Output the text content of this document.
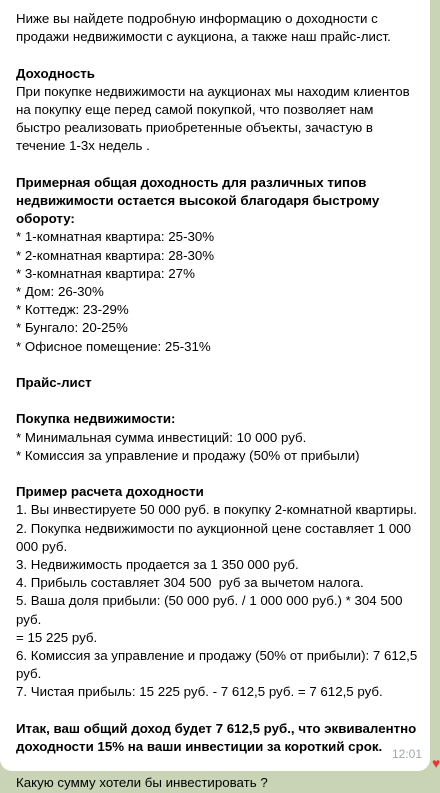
Ниже вы найдете подробную информацию о доходности с

продажи недвижимости с аукциона, а также наш прайс-лист.

Доходность

При покупке недвижимости на аукционах мы находим клиентов

на покупку еще перед самой покупкой, что позволяет нам

быстро реализовать приобретенные объекты, зачастую в

течение 1-3х недель .

Примерная общая доходность для различных типов

недвижимости остается высокой благодаря быстрому

обороту:

* 1-комнатная квартира: 25-30%

* 2-комнатная квартира: 28-30%

* 3-комнатная квартира: 27%

* Дом: 26-30%

* Коттедж: 23-29%

* Бунгало: 20-25%

* Офисное помещение: 25-31%

Прайс-лист

Покупка недвижимости:

* Минимальная сумма инвестиций: 10 000 руб.

* Комиссия за управление и продажу (50% от прибыли)

Пример расчета доходности

1. Вы инвестируете 50 000 руб. в покупку 2-комнатной квартиры.

2. Покупка недвижимости по аукционной цене составляет 1 000

000 руб.

3. Недвижимость продается за 1 350 000 руб.

4. Прибыль составляет 304 500  руб за вычетом налога.

5. Ваша доля прибыли: (50 000 руб. / 1 000 000 руб.) * 304 500 руб.

= 15 225 руб.

6. Комиссия за управление и продажу (50% от прибыли): 7 612,5

руб.

7. Чистая прибыль: 15 225 руб. - 7 612,5 руб. = 7 612,5 руб.

Итак, ваш общий доход будет 7 612,5 руб., что эквивалентно

доходности 15% на ваши инвестиции за короткий срок.

Какую сумму хотели бы инвестировать ?

12:01
♥
